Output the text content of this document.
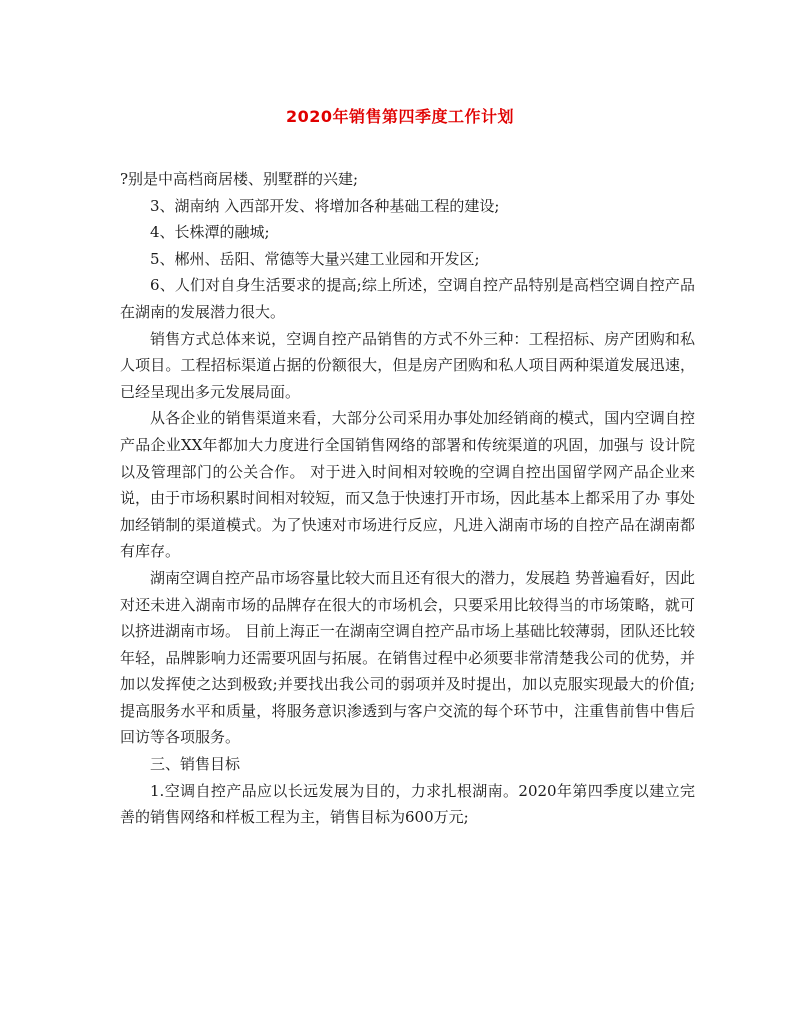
2020年销售第四季度工作计划

?别是中高档商居楼、别墅群的兴建;

3、湖南纳 入西部开发、将增加各种基础工程的建设;

4、长株潭的融城;

5、郴州、岳阳、常德等大量兴建工业园和开发区;

6、人们对自身生活要求的提高;综上所述，空调自控产品特别是高档空调自控产品在湖南的发展潜力很大。

销售方式总体来说，空调自控产品销售的方式不外三种：工程招标、房产团购和私人项目。工程招标渠道占据的份额很大，但是房产团购和私人项目两种渠道发展迅速，已经呈现出多元发展局面。

从各企业的销售渠道来看，大部分公司采用办事处加经销商的模式，国内空调自控产品企业XX年都加大力度进行全国销售网络的部署和传统渠道的巩固，加强与 设计院以及管理部门的公关合作。 对于进入时间相对较晚的空调自控出国留学网产品企业来说，由于市场积累时间相对较短，而又急于快速打开市场，因此基本上都采用了办 事处加经销制的渠道模式。为了快速对市场进行反应，凡进入湖南市场的自控产品在湖南都有库存。

湖南空调自控产品市场容量比较大而且还有很大的潜力，发展趋 势普遍看好，因此对还未进入湖南市场的品牌存在很大的市场机会，只要采用比较得当的市场策略，就可以挤进湖南市场。 目前上海正一在湖南空调自控产品市场上基础比较薄弱，团队还比较年轻，品牌影响力还需要巩固与拓展。在销售过程中必须要非常清楚我公司的优势，并加以发挥使之达到极致;并要找出我公司的弱项并及时提出，加以克服实现最大的价值;提高服务水平和质量，将服务意识渗透到与客户交流的每个环节中，注重售前售中售后回访等各项服务。

三、销售目标

1.空调自控产品应以长远发展为目的，力求扎根湖南。2020年第四季度以建立完善的销售网络和样板工程为主，销售目标为600万元;
